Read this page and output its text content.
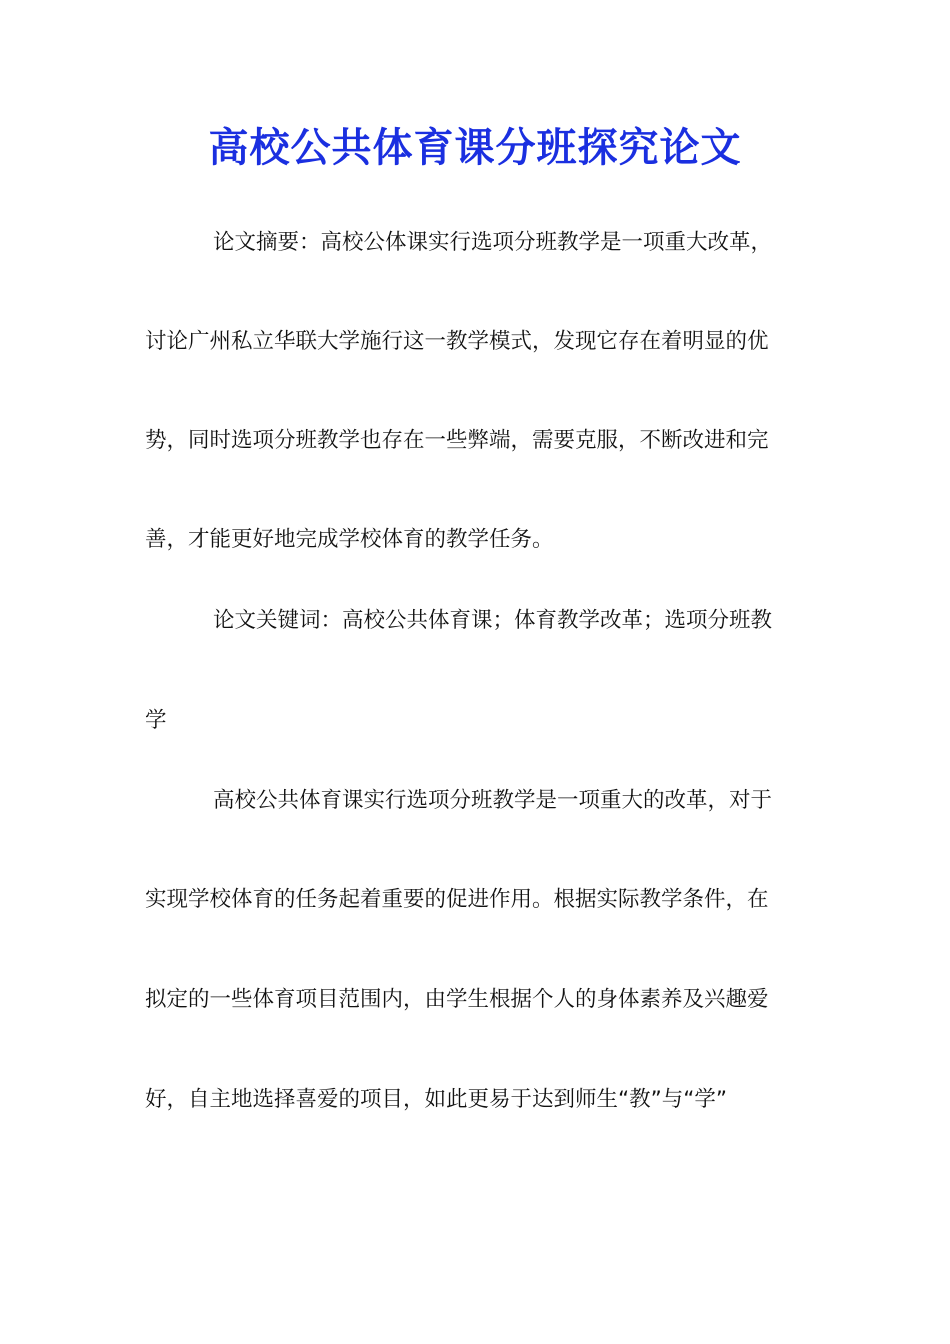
高校公共体育课分班探究论文
论文摘要：高校公体课实行选项分班教学是一项重大改革，
讨论广州私立华联大学施行这一教学模式，发现它存在着明显的优
势，同时选项分班教学也存在一些弊端，需要克服，不断改进和完
善，才能更好地完成学校体育的教学任务。
论文关键词：高校公共体育课；体育教学改革；选项分班教
学
高校公共体育课实行选项分班教学是一项重大的改革，对于
实现学校体育的任务起着重要的促进作用。根据实际教学条件，在
拟定的一些体育项目范围内，由学生根据个人的身体素养及兴趣爱
好，自主地选择喜爱的项目，如此更易于达到师生“教”与“学”
